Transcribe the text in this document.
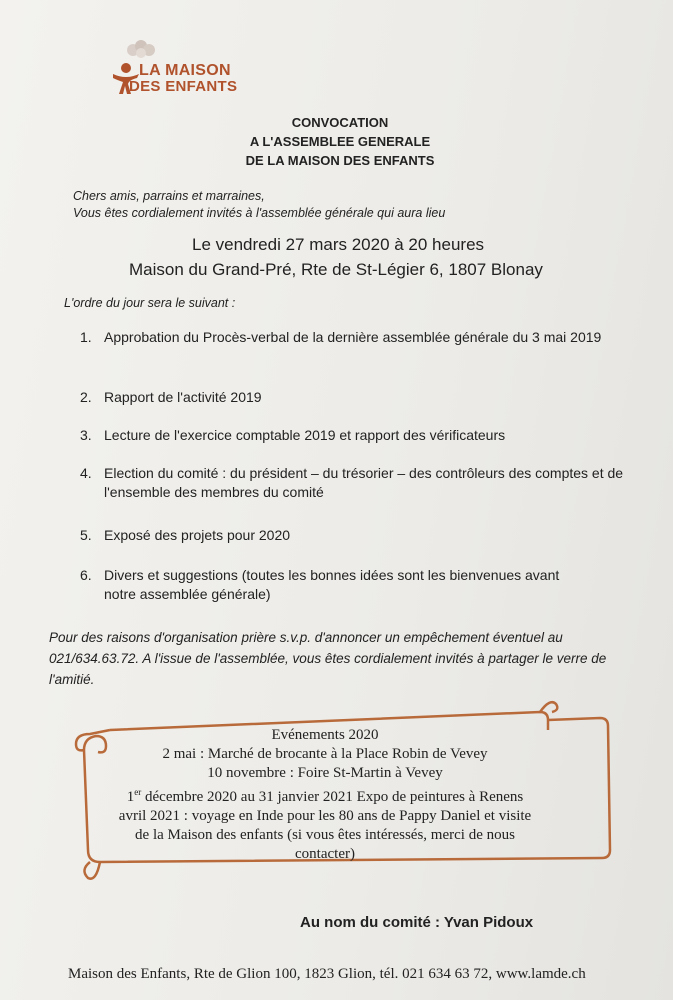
LA MAISON
DES ENFANTS
CONVOCATION
A L'ASSEMBLEE GENERALE
DE LA MAISON DES ENFANTS
Chers amis, parrains et marraines,
Vous êtes cordialement invités à l'assemblée générale qui aura lieu
Le vendredi 27 mars 2020 à 20 heures
Maison du Grand-Pré, Rte de St-Légier 6, 1807 Blonay
L'ordre du jour sera le suivant :
1. Approbation du Procès-verbal de la dernière assemblée générale du 3 mai 2019
2. Rapport de l'activité 2019
3. Lecture de l'exercice comptable 2019 et rapport des vérificateurs
4. Election du comité : du président – du trésorier – des contrôleurs des comptes et de l'ensemble des membres du comité
5. Exposé des projets pour 2020
6. Divers et suggestions (toutes les bonnes idées sont les bienvenues avant notre assemblée générale)
Pour des raisons d'organisation prière s.v.p. d'annoncer un empêchement éventuel au 021/634.63.72. A l'issue de l'assemblée, vous êtes cordialement invités à partager le verre de l'amitié.
Evénements 2020
2 mai : Marché de brocante à la Place Robin de Vevey
10 novembre : Foire St-Martin à Vevey
1er décembre 2020 au 31 janvier 2021 Expo de peintures à Renens
avril 2021 : voyage en Inde pour les 80 ans de Pappy Daniel et visite
de la Maison des enfants (si vous êtes intéressés, merci de nous
contacter)
Au nom du comité : Yvan Pidoux
Maison des Enfants, Rte de Glion 100, 1823 Glion, tél. 021 634 63 72, www.lamde.ch
